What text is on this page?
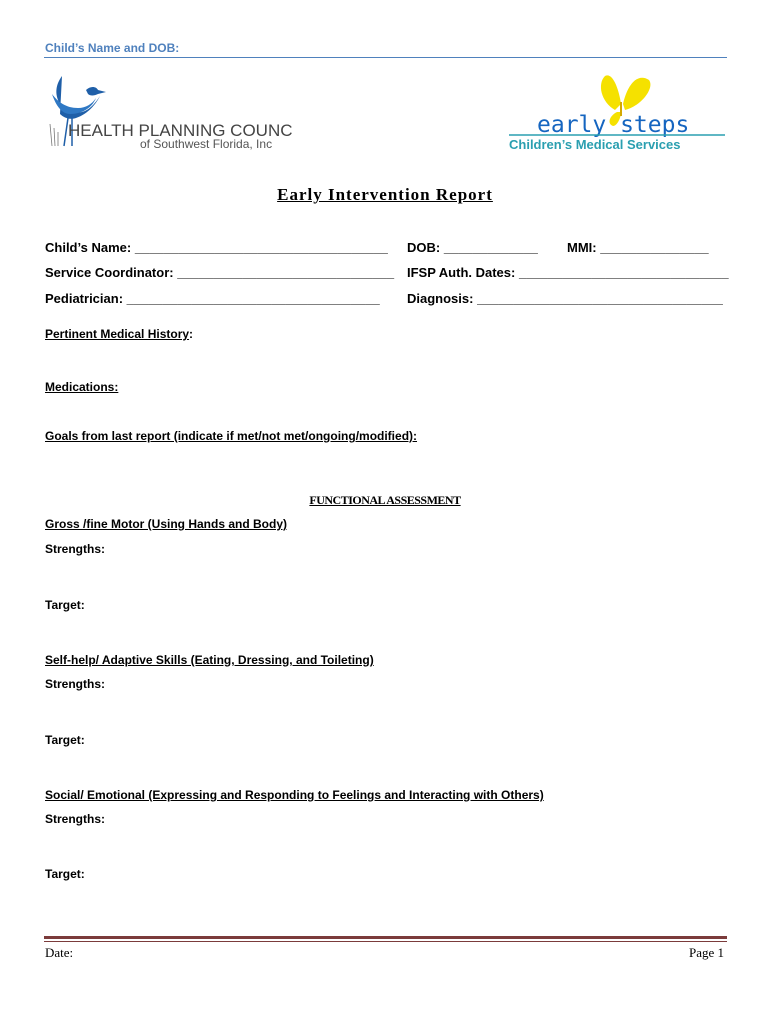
Child’s Name and DOB:
HEALTH PLANNING COUNCIL
of Southwest Florida, Inc
early steps
Children’s Medical Services
Early Intervention Report
Child’s Name: ___________________________________ DOB: _____________ MMI: _______________
Service Coordinator: ______________________________ IFSP Auth. Dates: _____________________________
Pediatrician: ___________________________________ Diagnosis: __________________________________
Pertinent Medical History:
Medications:
Goals from last report (indicate if met/not met/ongoing/modified):
FUNCTIONAL ASSESSMENT
Gross /fine Motor (Using Hands and Body)
Strengths:
Target:
Self-help/ Adaptive Skills (Eating, Dressing, and Toileting)
Strengths:
Target:
Social/ Emotional (Expressing and Responding to Feelings and Interacting with Others)
Strengths:
Target:
Date:	Page 1
